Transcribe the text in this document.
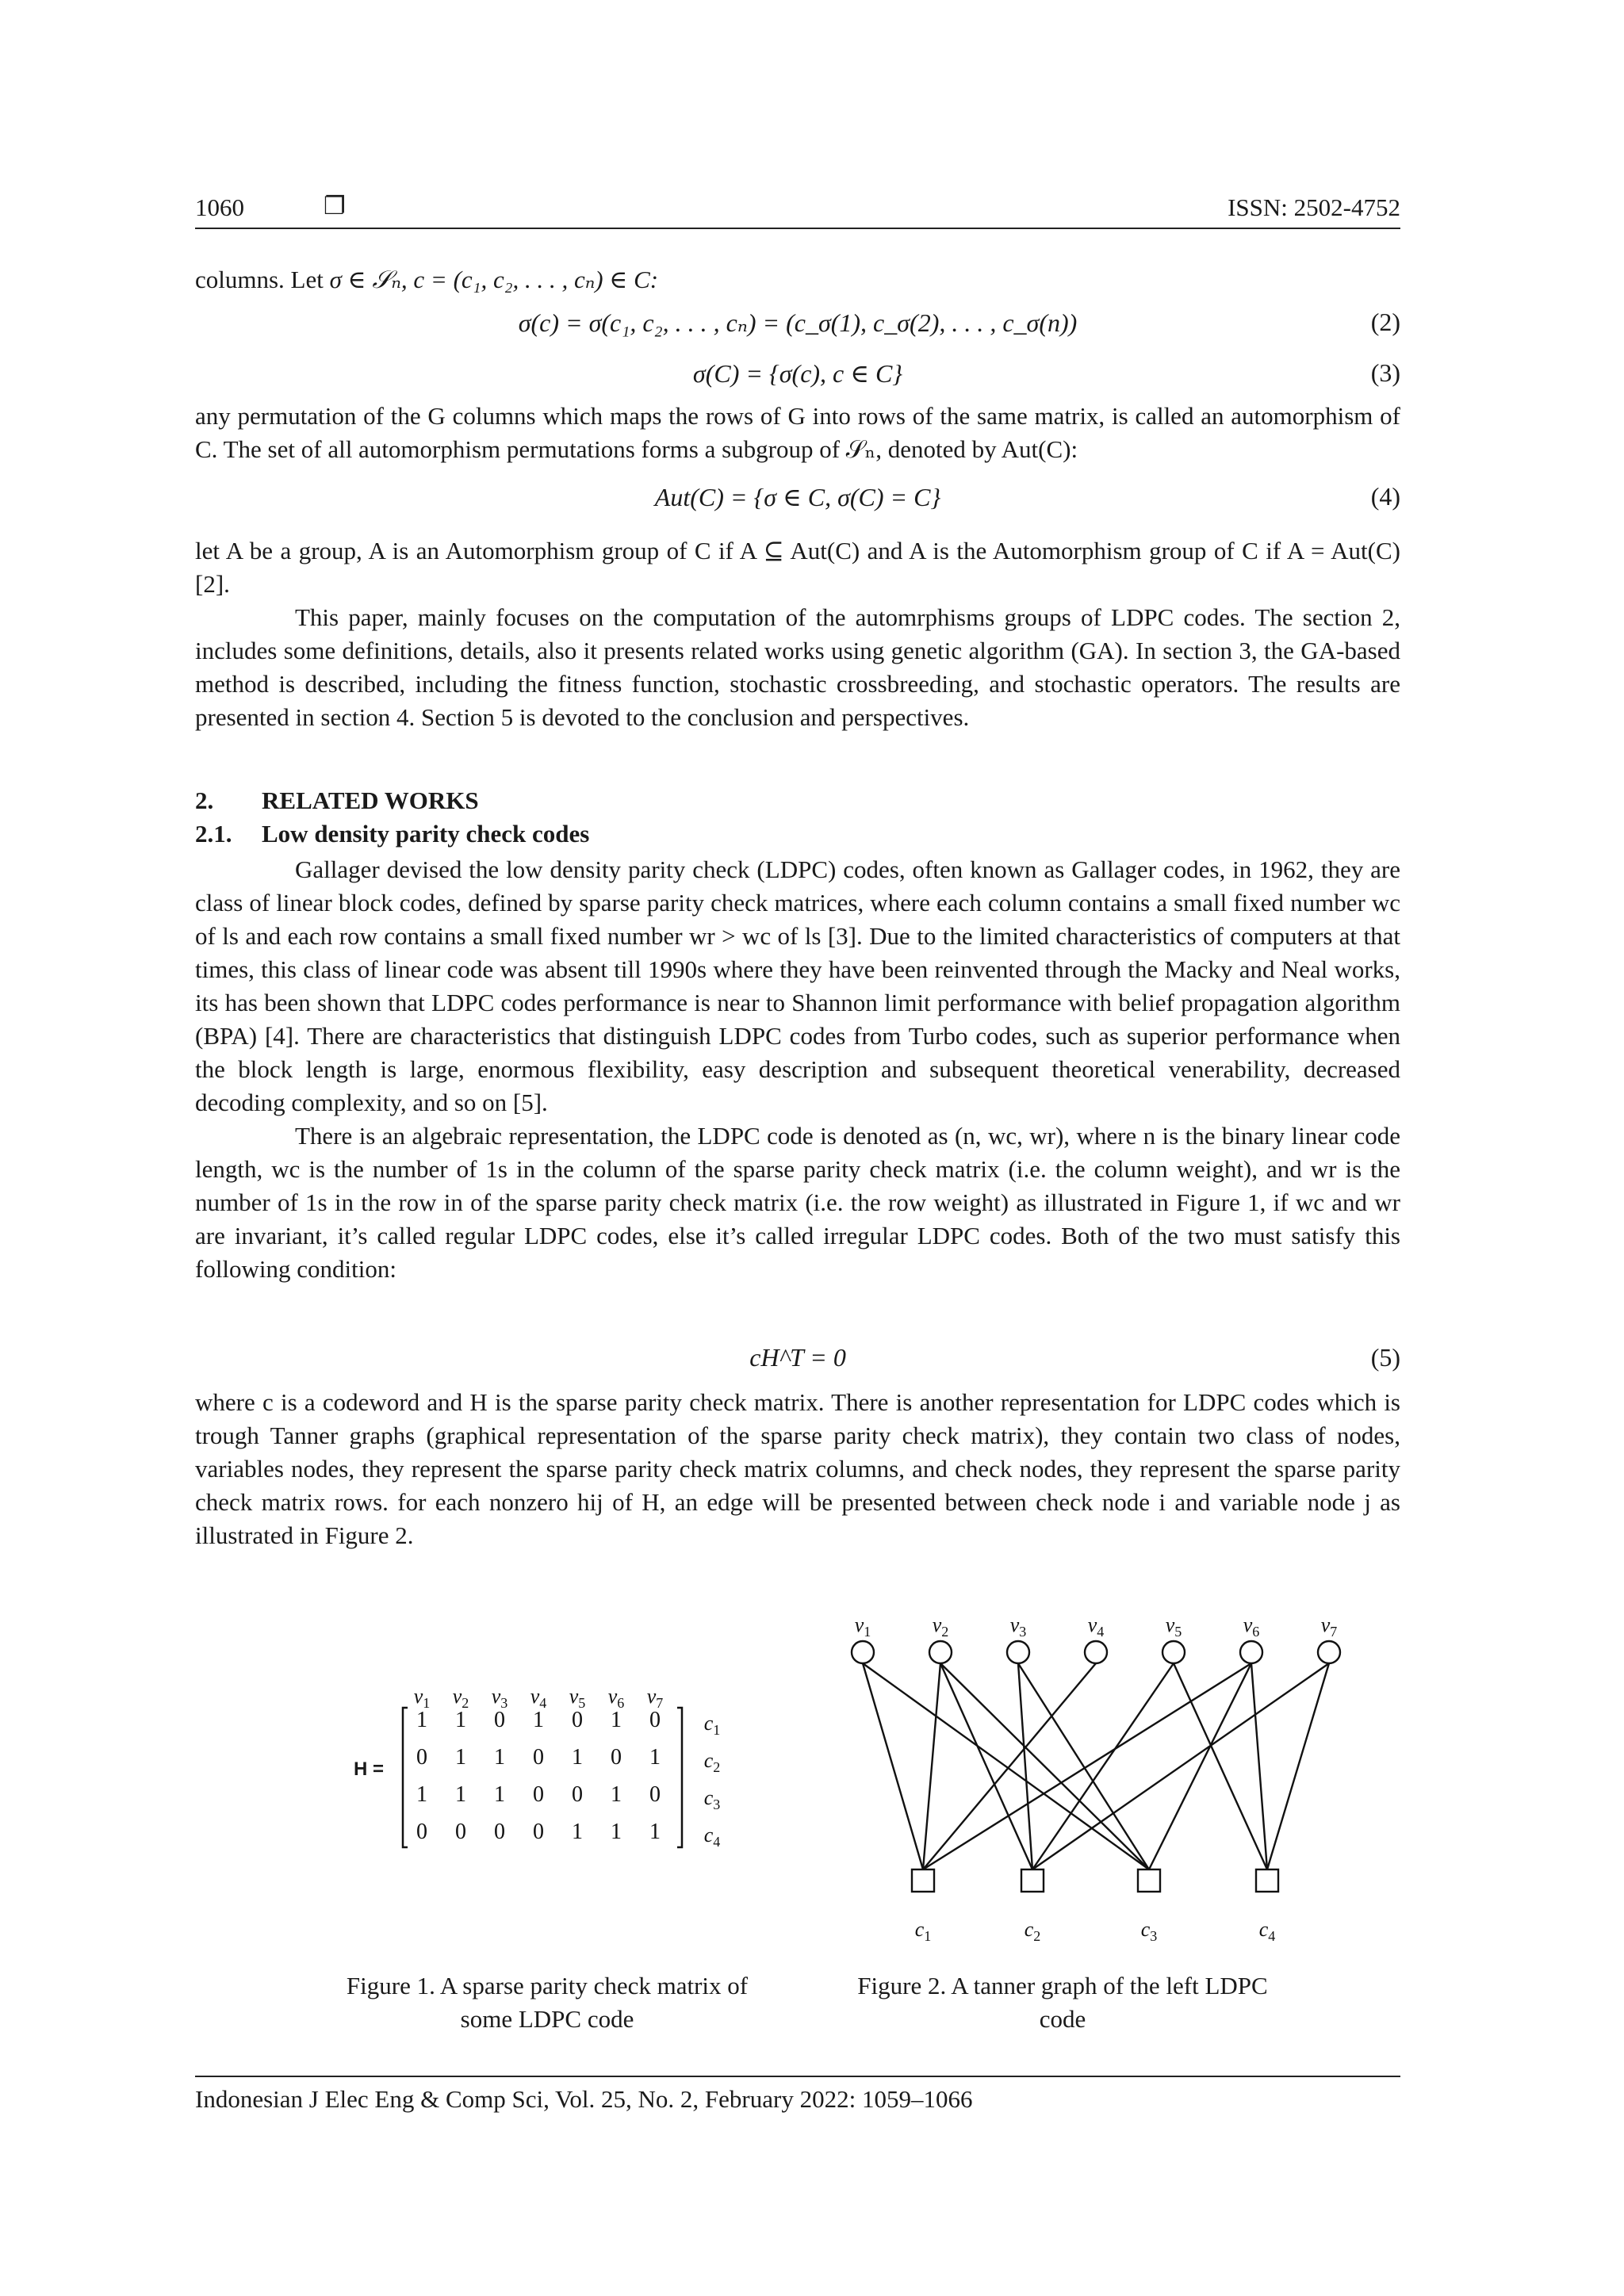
1060	❐	ISSN: 2502-4752
columns. Let σ ∈ 𝒮ₙ, c = (c₁, c₂, . . . , cₙ) ∈ C:
σ(c) = σ(c₁, c₂, . . . , cₙ) = (c_σ(1), c_σ(2), . . . , c_σ(n))	(2)
σ(C) = {σ(c), c ∈ C}	(3)

any permutation of the G columns which maps the rows of G into rows of the same matrix, is called an automorphism of C. The set of all automorphism permutations forms a subgroup of 𝒮ₙ, denoted by Aut(C):

Aut(C) = {σ ∈ C, σ(C) = C}	(4)

let A be a group, A is an Automorphism group of C if A ⊆ Aut(C) and A is the Automorphism group of C if A = Aut(C) [2].

This paper, mainly focuses on the computation of the automrphisms groups of LDPC codes. The section 2, includes some definitions, details, also it presents related works using genetic algorithm (GA). In section 3, the GA-based method is described, including the fitness function, stochastic crossbreeding, and stochastic operators. The results are presented in section 4. Section 5 is devoted to the conclusion and perspectives.

2. RELATED WORKS
2.1. Low density parity check codes

Gallager devised the low density parity check (LDPC) codes, often known as Gallager codes, in 1962, they are class of linear block codes, defined by sparse parity check matrices, where each column contains a small fixed number wc of ls and each row contains a small fixed number wr > wc of ls [3]. Due to the limited characteristics of computers at that times, this class of linear code was absent till 1990s where they have been reinvented through the Macky and Neal works, its has been shown that LDPC codes performance is near to Shannon limit performance with belief propagation algorithm (BPA) [4]. There are characteristics that distinguish LDPC codes from Turbo codes, such as superior performance when the block length is large, enormous flexibility, easy description and subsequent theoretical venerability, decreased decoding complexity, and so on [5].

There is an algebraic representation, the LDPC code is denoted as (n, wc, wr), where n is the binary linear code length, wc is the number of 1s in the column of the sparse parity check matrix (i.e. the column weight), and wr is the number of 1s in the row in of the sparse parity check matrix (i.e. the row weight) as illustrated in Figure 1, if wc and wr are invariant, it’s called regular LDPC codes, else it’s called irregular LDPC codes. Both of the two must satisfy this following condition:

cH^T = 0	(5)

where c is a codeword and H is the sparse parity check matrix. There is another representation for LDPC codes which is trough Tanner graphs (graphical representation of the sparse parity check matrix), they contain two class of nodes, variables nodes, they represent the sparse parity check matrix columns, and check nodes, they represent the sparse parity check matrix rows. for each nonzero hij of H, an edge will be presented between check node i and variable node j as illustrated in Figure 2.

H =
$v_1$ $v_2$ $v_3$ $v_4$ $v_5$ $v_6$ $v_7$
1 1 0 1 0 1 0
0 1 1 0 1 0 1
1 1 1 0 0 1 0
0 0 0 0 1 1 1
$c_1$
$c_2$
$c_3$
$c_4$
Figure 1. A sparse parity check matrix of
some LDPC code
$v_1$	$v_2$	$v_3$	$v_4$	$v_5$	$v_6$	$v_7$
$c_1$	$c_2$	$c_3$	$c_4$
Figure 2. A tanner graph of the left LDPC
code
Indonesian J Elec Eng & Comp Sci, Vol. 25, No. 2, February 2022: 1059–1066
